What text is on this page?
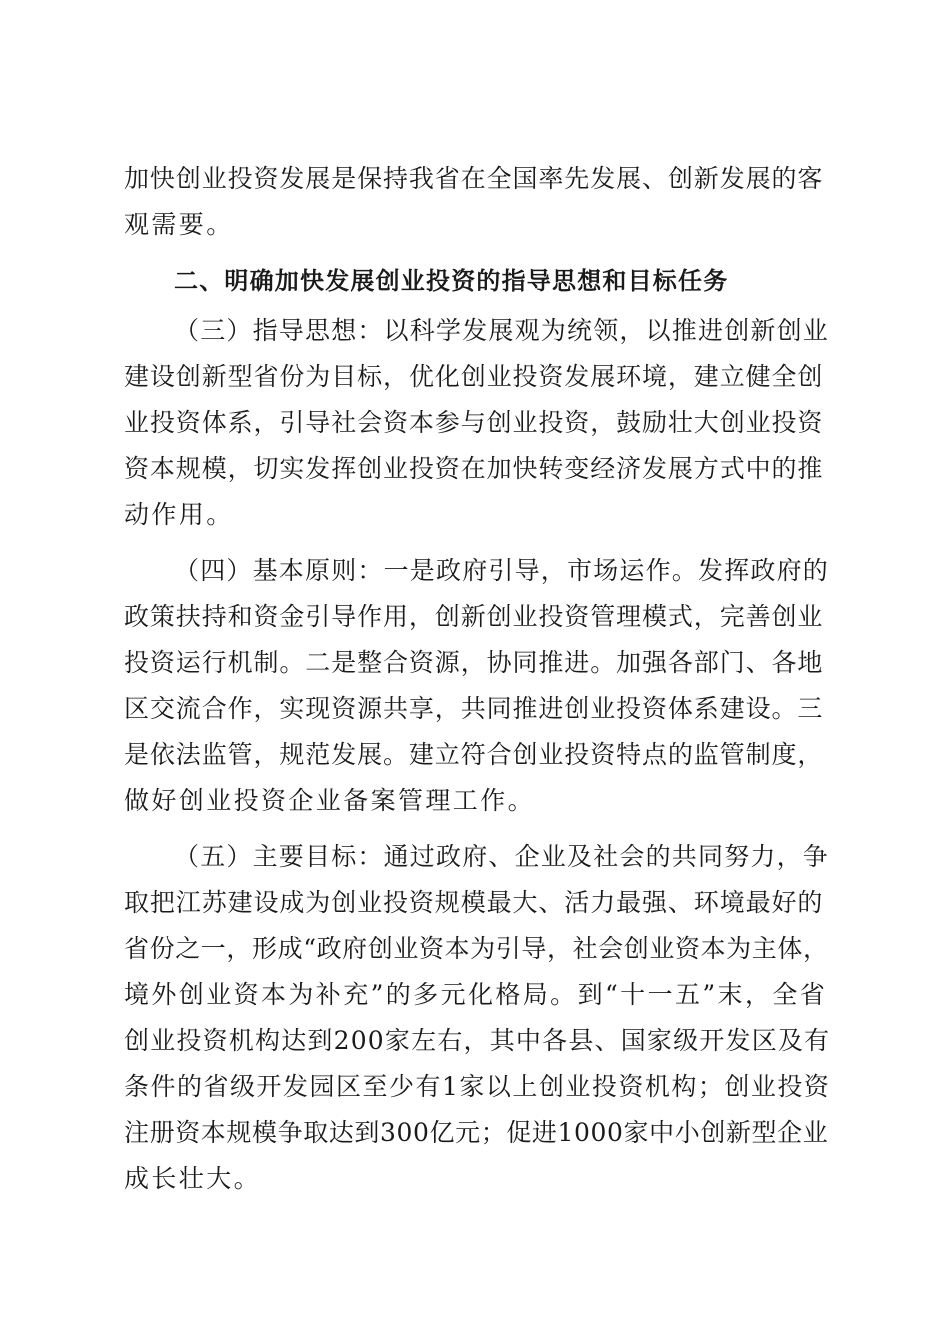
加快创业投资发展是保持我省在全国率先发展、创新发展的客
观需要。
二、明确加快发展创业投资的指导思想和目标任务
（三）指导思想：以科学发展观为统领，以推进创新创业
建设创新型省份为目标，优化创业投资发展环境，建立健全创
业投资体系，引导社会资本参与创业投资，鼓励壮大创业投资
资本规模，切实发挥创业投资在加快转变经济发展方式中的推
动作用。
（四）基本原则：一是政府引导，市场运作。发挥政府的
政策扶持和资金引导作用，创新创业投资管理模式，完善创业
投资运行机制。二是整合资源，协同推进。加强各部门、各地
区交流合作，实现资源共享，共同推进创业投资体系建设。三
是依法监管，规范发展。建立符合创业投资特点的监管制度，
做好创业投资企业备案管理工作。
（五）主要目标：通过政府、企业及社会的共同努力，争
取把江苏建设成为创业投资规模最大、活力最强、环境最好的
省份之一，形成“政府创业资本为引导，社会创业资本为主体，
境外创业资本为补充”的多元化格局。到“十一五”末，全省
创业投资机构达到200家左右，其中各县、国家级开发区及有
条件的省级开发园区至少有1家以上创业投资机构；创业投资
注册资本规模争取达到300亿元；促进1000家中小创新型企业
成长壮大。
